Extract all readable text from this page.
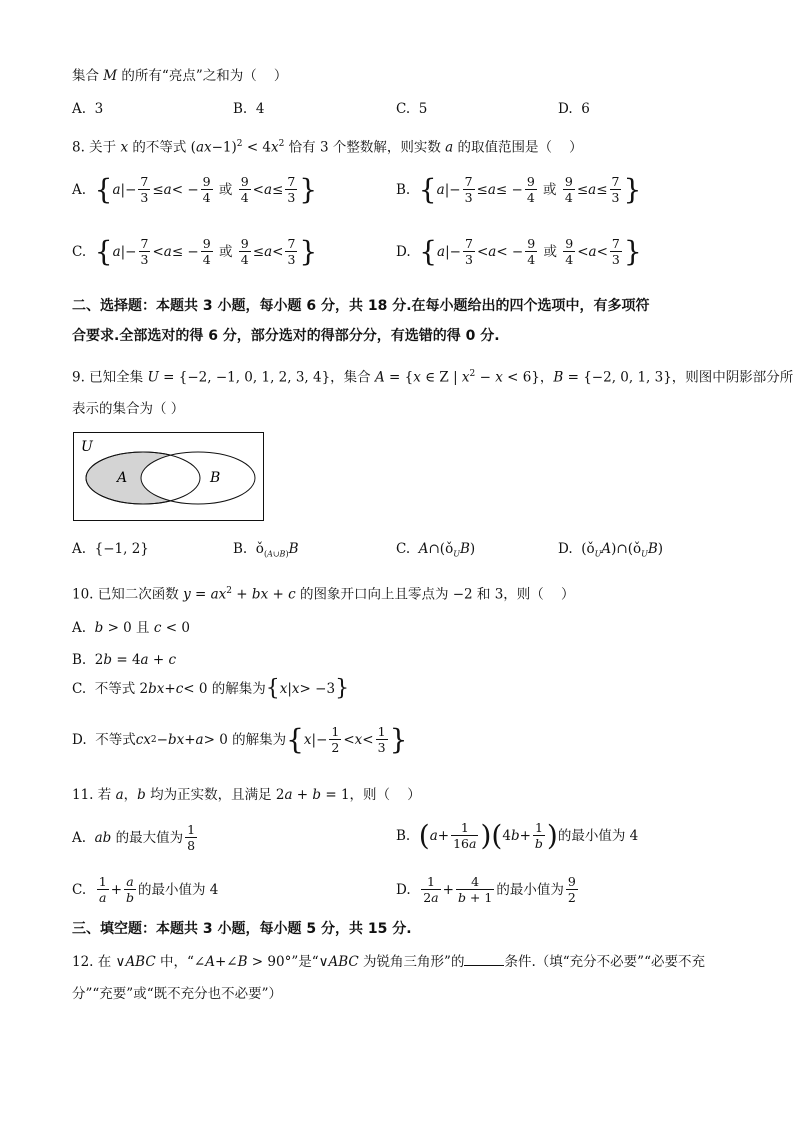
集合 M 的所有“亮点”之和为（    ）
A. 3	B. 4	C. 5	D. 6
8. 关于 x 的不等式 $(ax-1)^2 < 4x^2$ 恰有 3 个整数解，则实数 a 的取值范围是（    ）
A. { a |− $\frac{7}{3} \le a$ < − $\frac{9}{4}$ 或 $\frac{9}{4} < a \le \frac{7}{3}$ }	B. { a |− $\frac{7}{3} \le a$ ≤ − $\frac{9}{4}$ 或 $\frac{9}{4} \le a \le \frac{7}{3}$ }
C. { a |− $\frac{7}{3} < a$ ≤ − $\frac{9}{4}$ 或 $\frac{9}{4} \le a < \frac{7}{3}$ }	D. { a |− $\frac{7}{3} < a$ < − $\frac{9}{4}$ 或 $\frac{9}{4} < a < \frac{7}{3}$ }
二、选择题：本题共 3 小题，每小题 6 分，共 18 分.在每小题给出的四个选项中，有多项符
合要求.全部选对的得 6 分，部分选对的得部分分，有选错的得 0 分.
9. 已知全集 U = {−2, −1, 0, 1, 2, 3, 4}，集合 A = {x ∈ Z | $x^2 - x < 6$}，B = {−2, 0, 1, 3}，则图中阴影部分所
表示的集合为（ ）
U
A	B
A. {−1, 2}	B.  $ǒ_{(A\cup B)}B$	C.  $A\cap(ǒ_UB)$	D.  $(ǒ_UA)\cap(ǒ_UB)$
10. 已知二次函数 $y = ax^2$ + bx + c 的图象开口向上且零点为 −2 和 3，则（    ）
A.  b > 0 且 c < 0
B.  2b = 4a + c
C.  不等式 2 bx + c < 0 的解集为 { x | x > −3 }
D.  不等式 cx 2 − bx + a > 0 的解集为 { x |− $\frac{1}{2} < x < \frac{1}{3}$ }
11. 若 a，b 均为正实数，且满足 2a + b = 1，则（    ）
A. ab 的最大值为 $\frac{1}{8}$	B. ( $a + \frac{1}{16a}$ ) ( 4 $b + \frac{1}{b}$ ) 的最小值为 4
C. $\frac{1}{a} + \frac{a}{b}$ 的最小值为 4	D. $\frac{1}{2a} + \frac{4}{b + 1}$ 的最小值为 $\frac{9}{2}$
三、填空题：本题共 3 小题，每小题 5 分，共 15 分.
12. 在 ∨ABC 中，“∠A+∠B > 90°”是“∨ABC 为锐角三角形”的	条件.（填“充分不必要”“必要不充
分”“充要”或“既不充分也不必要”）
